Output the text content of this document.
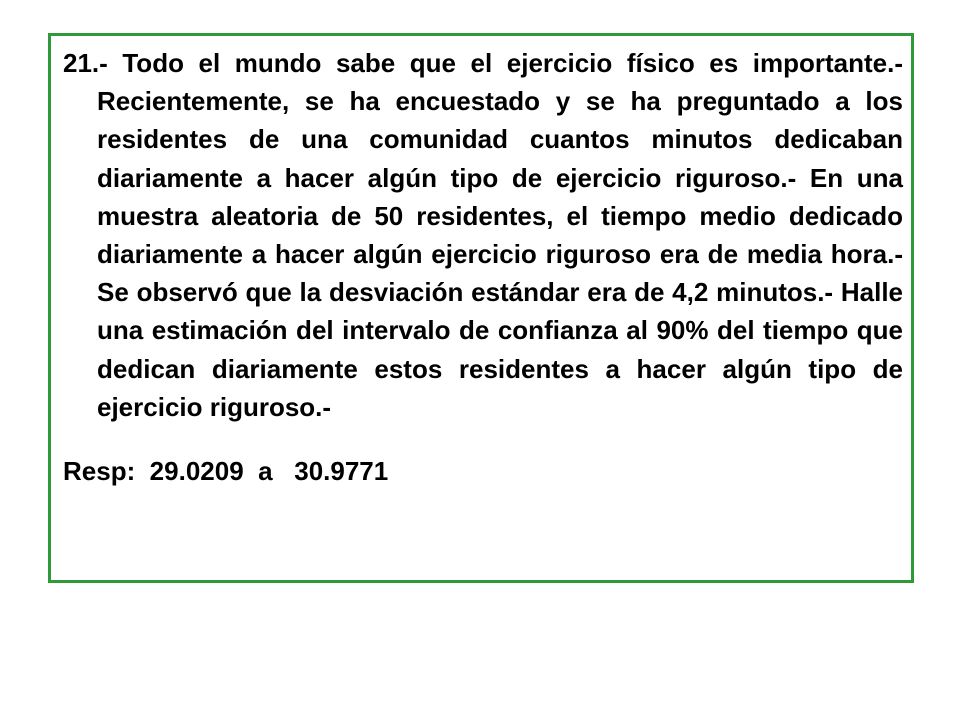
21.- Todo el mundo sabe que el ejercicio físico es importante.- Recientemente, se ha encuestado y se ha preguntado a los residentes de una comunidad cuantos minutos dedicaban diariamente a hacer algún tipo de ejercicio riguroso.- En una muestra aleatoria de 50 residentes, el tiempo medio dedicado diariamente a hacer algún ejercicio riguroso era de media hora.- Se observó que la desviación estándar era de 4,2 minutos.- Halle una estimación del intervalo de confianza al 90% del tiempo que dedican diariamente estos residentes a hacer algún tipo de ejercicio riguroso.-

Resp:  29.0209  a   30.9771
